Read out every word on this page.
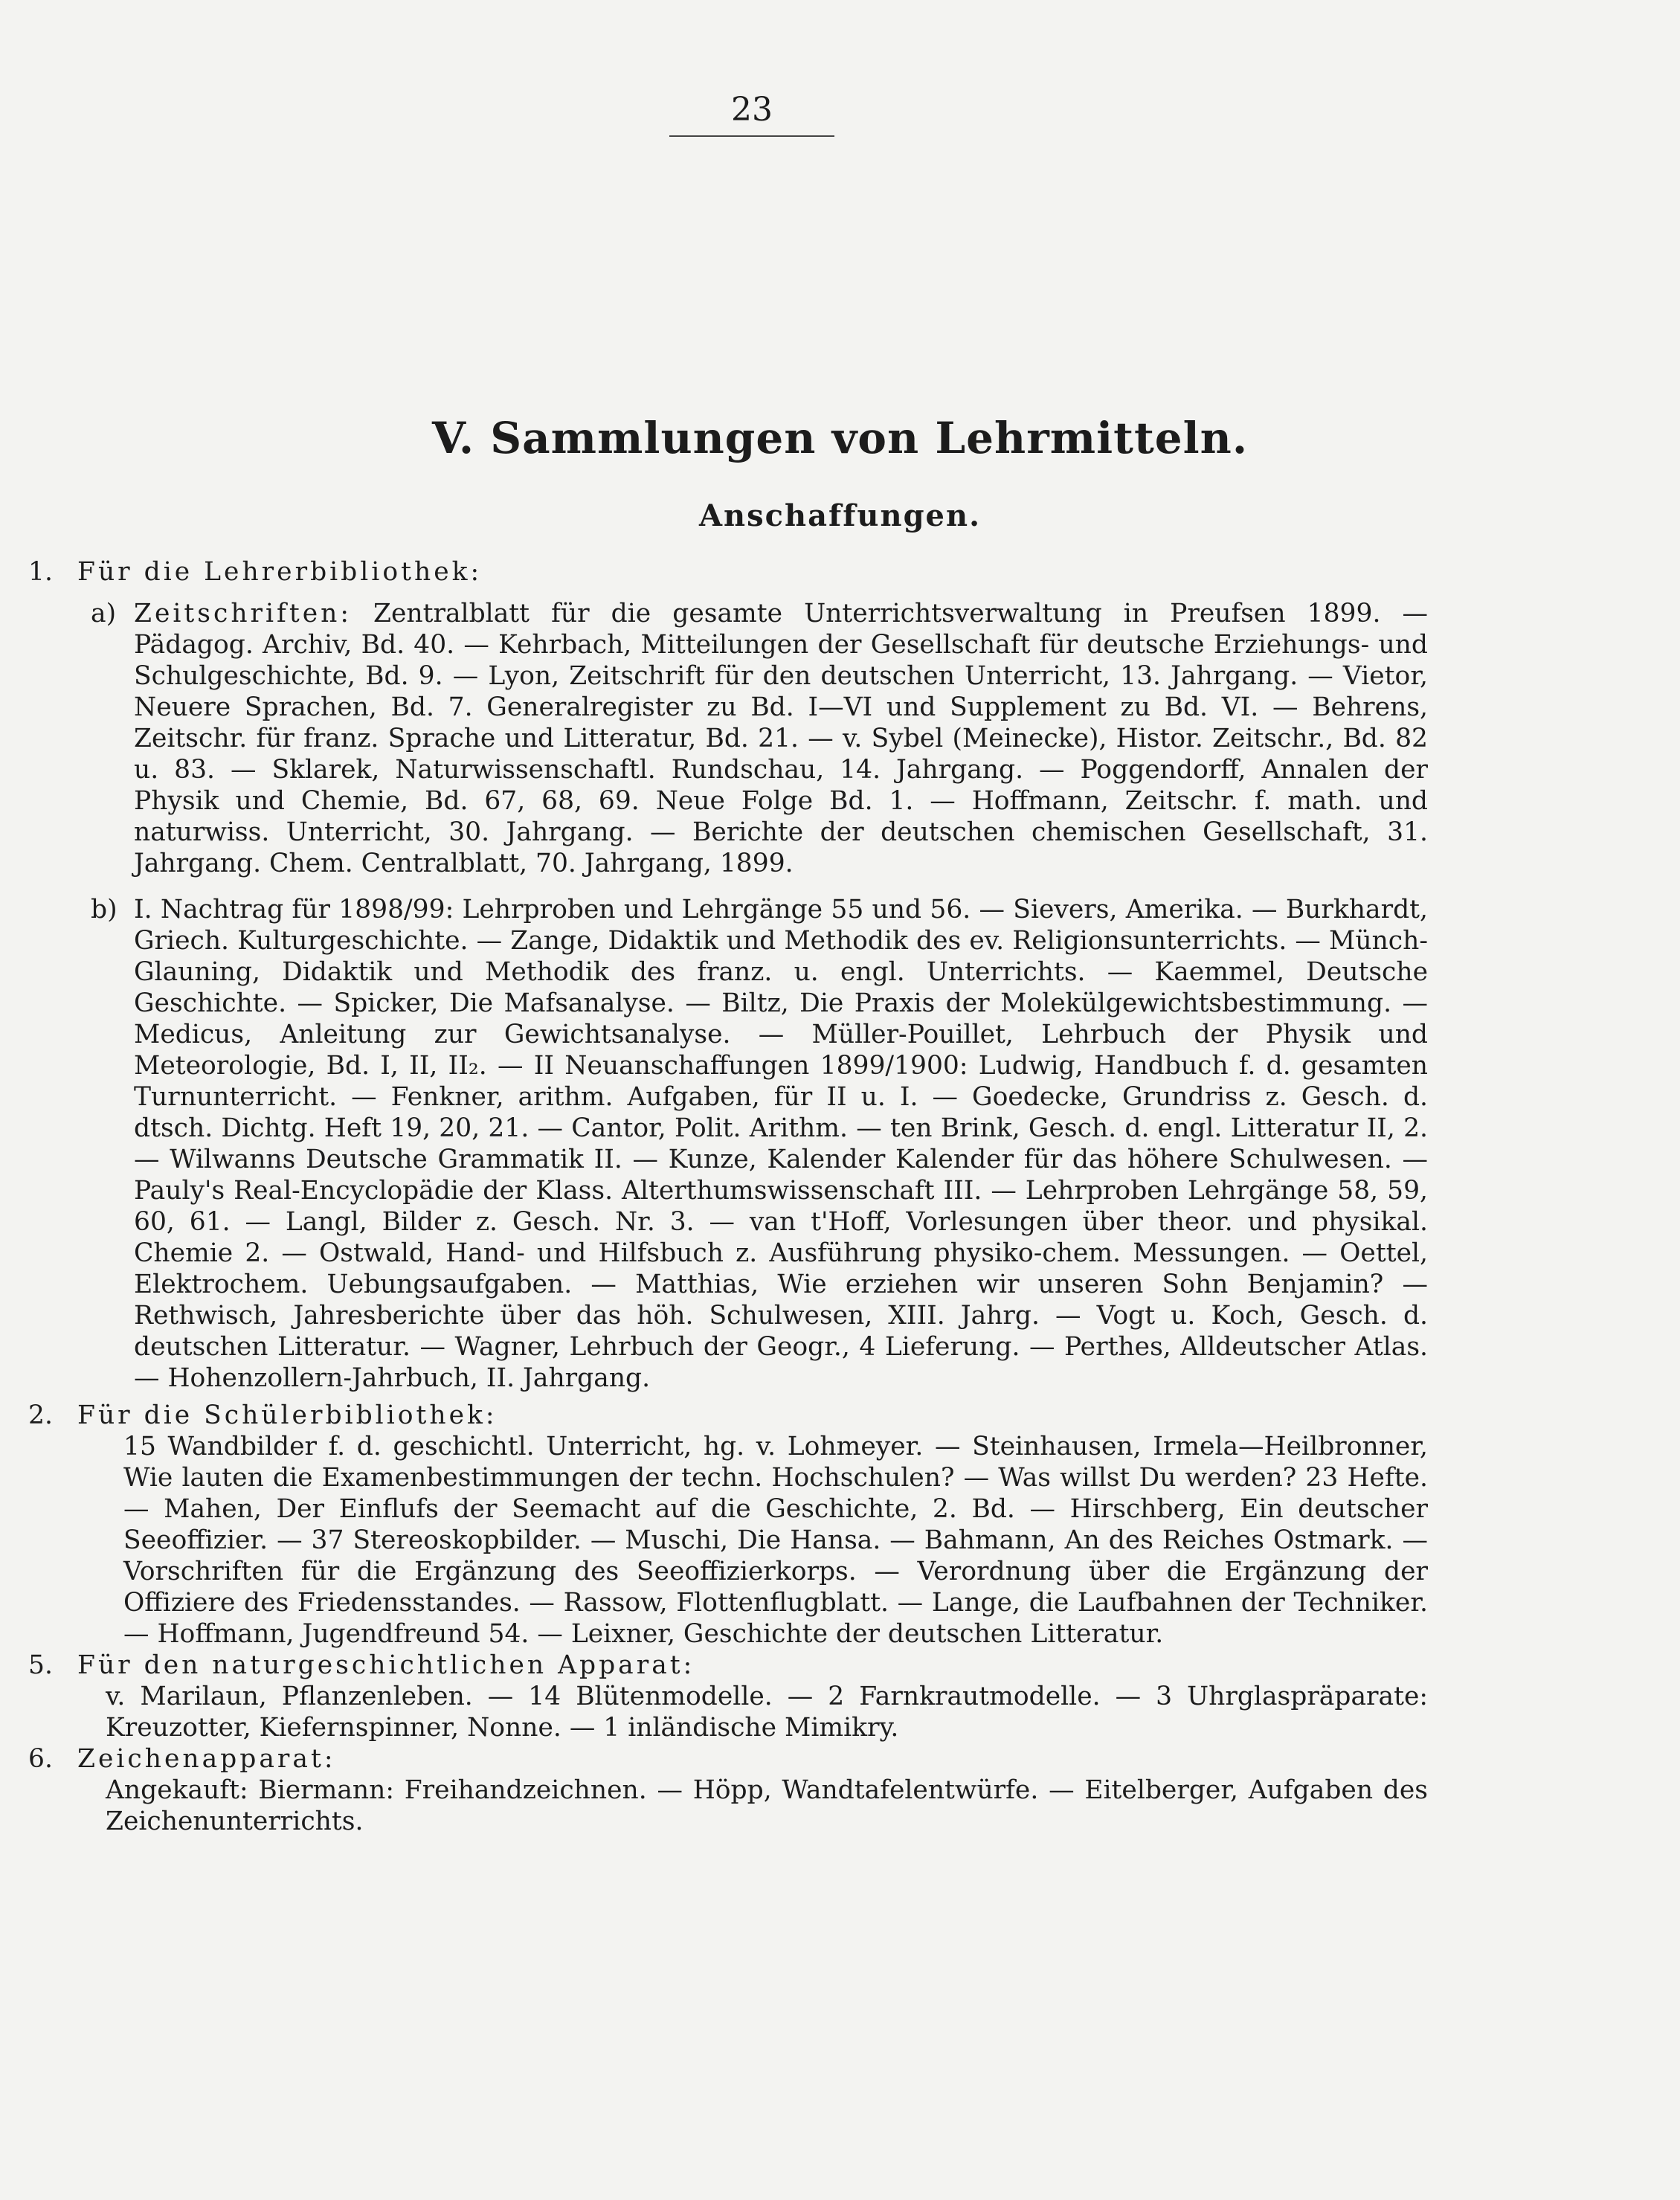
23
V. Sammlungen von Lehrmitteln.
Anschaffungen.
1. Für die Lehrerbibliothek:
a) Zeitschriften: Zentralblatt für die gesamte Unterrichtsverwaltung in Preufsen 1899. — Pädagog. Archiv, Bd. 40. — Kehrbach, Mitteilungen der Gesellschaft für deutsche Erziehungs- und Schulgeschichte, Bd. 9. — Lyon, Zeitschrift für den deutschen Unterricht, 13. Jahrgang. — Vietor, Neuere Sprachen, Bd. 7. Generalregister zu Bd. I—VI und Supplement zu Bd. VI. — Behrens, Zeitschr. für franz. Sprache und Litteratur, Bd. 21. — v. Sybel (Meinecke), Histor. Zeitschr., Bd. 82 u. 83. — Sklarek, Naturwissenschaftl. Rundschau, 14. Jahrgang. — Poggendorff, Annalen der Physik und Chemie, Bd. 67, 68, 69. Neue Folge Bd. 1. — Hoffmann, Zeitschr. f. math. und naturwiss. Unterricht, 30. Jahrgang. — Berichte der deutschen chemischen Gesellschaft, 31. Jahrgang. Chem. Centralblatt, 70. Jahrgang, 1899.
b) I. Nachtrag für 1898/99: Lehrproben und Lehrgänge 55 und 56. — Sievers, Amerika. — Burkhardt, Griech. Kulturgeschichte. — Zange, Didaktik und Methodik des ev. Religionsunterrichts. — Münch-Glauning, Didaktik und Methodik des franz. u. engl. Unterrichts. — Kaemmel, Deutsche Geschichte. — Spicker, Die Mafsanalyse. — Biltz, Die Praxis der Molekülgewichtsbestimmung. — Medicus, Anleitung zur Gewichtsanalyse. — Müller-Pouillet, Lehrbuch der Physik und Meteorologie, Bd. I, II, II₂. — II Neuanschaffungen 1899/1900: Ludwig, Handbuch f. d. gesamten Turnunterricht. — Fenkner, arithm. Aufgaben, für II u. I. — Goedecke, Grundriss z. Gesch. d. dtsch. Dichtg. Heft 19, 20, 21. — Cantor, Polit. Arithm. — ten Brink, Gesch. d. engl. Litteratur II, 2. — Wilwanns Deutsche Grammatik II. — Kunze, Kalender Kalender für das höhere Schulwesen. — Pauly's Real-Encyclopädie der Klass. Alterthumswissenschaft III. — Lehrproben Lehrgänge 58, 59, 60, 61. — Langl, Bilder z. Gesch. Nr. 3. — van t'Hoff, Vorlesungen über theor. und physikal. Chemie 2. — Ostwald, Hand- und Hilfsbuch z. Ausführung physiko-chem. Messungen. — Oettel, Elektrochem. Uebungsaufgaben. — Matthias, Wie erziehen wir unseren Sohn Benjamin? — Rethwisch, Jahresberichte über das höh. Schulwesen, XIII. Jahrg. — Vogt u. Koch, Gesch. d. deutschen Litteratur. — Wagner, Lehrbuch der Geogr., 4 Lieferung. — Perthes, Alldeutscher Atlas. — Hohenzollern-Jahrbuch, II. Jahrgang.
2. Für die Schülerbibliothek:
15 Wandbilder f. d. geschichtl. Unterricht, hg. v. Lohmeyer. — Steinhausen, Irmela—Heilbronner, Wie lauten die Examenbestimmungen der techn. Hochschulen? — Was willst Du werden? 23 Hefte. — Mahen, Der Einflufs der Seemacht auf die Geschichte, 2. Bd. — Hirschberg, Ein deutscher Seeoffizier. — 37 Stereoskopbilder. — Muschi, Die Hansa. — Bahmann, An des Reiches Ostmark. — Vorschriften für die Ergänzung des Seeoffizierkorps. — Verordnung über die Ergänzung der Offiziere des Friedensstandes. — Rassow, Flottenflugblatt. — Lange, die Laufbahnen der Techniker. — Hoffmann, Jugendfreund 54. — Leixner, Geschichte der deutschen Litteratur.
5. Für den naturgeschichtlichen Apparat:
v. Marilaun, Pflanzenleben. — 14 Blütenmodelle. — 2 Farnkrautmodelle. — 3 Uhrglaspräparate: Kreuzotter, Kiefernspinner, Nonne. — 1 inländische Mimikry.
6. Zeichenapparat:
Angekauft: Biermann: Freihandzeichnen. — Höpp, Wandtafelentwürfe. — Eitelberger, Aufgaben des Zeichenunterrichts.
